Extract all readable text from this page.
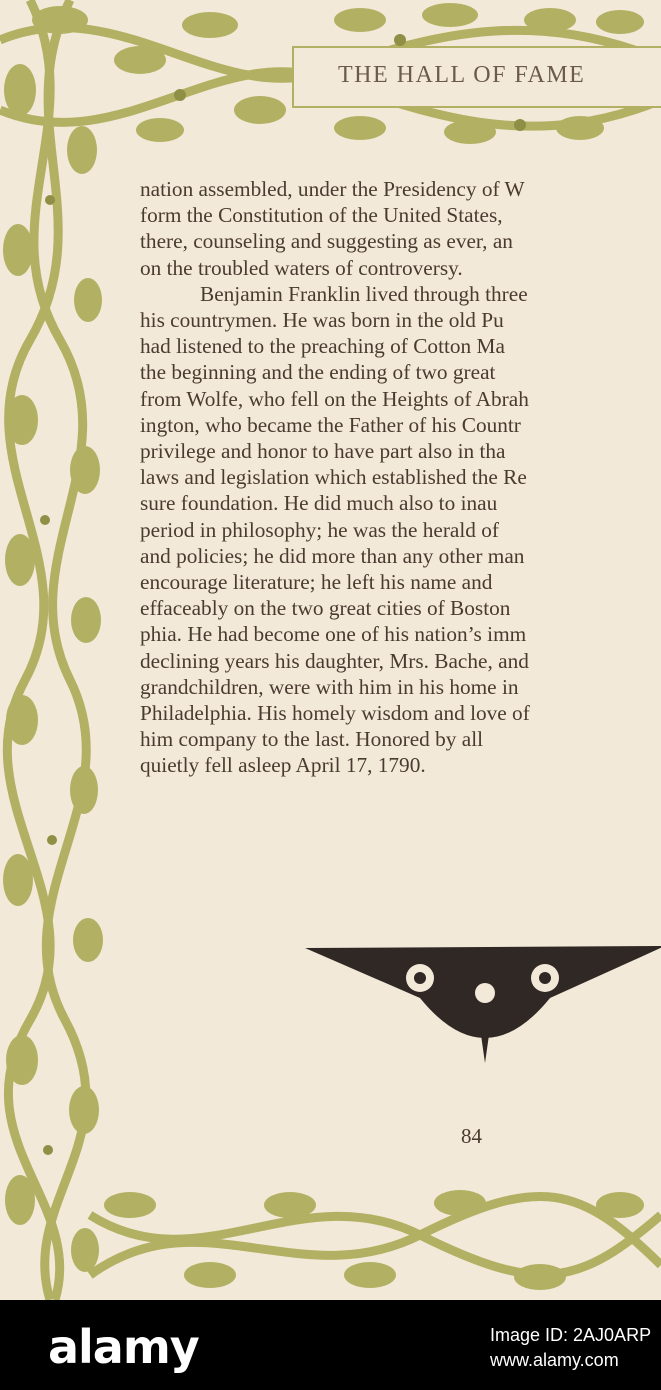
THE HALL OF FAME
nation assembled, under the Presidency of W
form the Constitution of the United States,
there, counseling and suggesting as ever, an
on the troubled waters of controversy.
Benjamin Franklin lived through three
his countrymen. He was born in the old Pu
had listened to the preaching of Cotton Ma
the beginning and the ending of two great
from Wolfe, who fell on the Heights of Abrah
ington, who became the Father of his Countr
privilege and honor to have part also in tha
laws and legislation which established the Re
sure foundation. He did much also to inau
period in philosophy; he was the herald of
and policies; he did more than any other man
encourage literature; he left his name and
effaceably on the two great cities of Boston
phia. He had become one of his nation’s imm
declining years his daughter, Mrs. Bache, and
grandchildren, were with him in his home in
Philadelphia. His homely wisdom and love of
him company to the last. Honored by all
quietly fell asleep April 17, 1790.
84
alamy	Image ID: 2AJ0ARP
www.alamy.com
